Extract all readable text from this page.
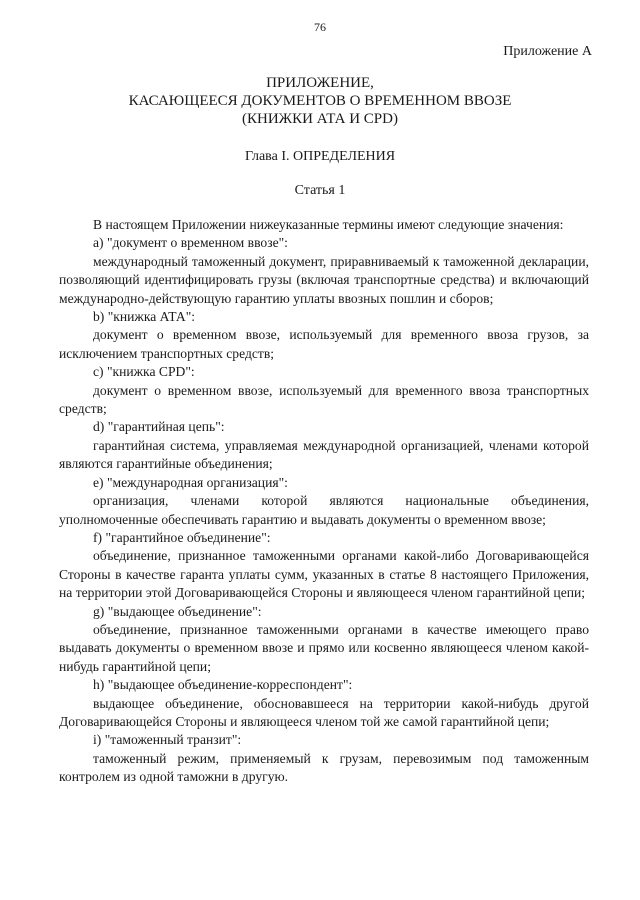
76
Приложение А
ПРИЛОЖЕНИЕ,
КАСАЮЩЕЕСЯ ДОКУМЕНТОВ О ВРЕМЕННОМ ВВОЗЕ
(КНИЖКИ АТА И CPD)
Глава I. ОПРЕДЕЛЕНИЯ
Статья 1

В настоящем Приложении нижеуказанные термины имеют следующие значения:

a) "документ о временном ввозе":

международный таможенный документ, приравниваемый к таможенной декларации, позволяющий идентифицировать грузы (включая транспортные средства) и включающий международно-действующую гарантию уплаты ввозных пошлин и сборов;

b) "книжка АТА":

документ о временном ввозе, используемый для временного ввоза грузов, за исключением транспортных средств;

c) "книжка CPD":

документ о временном ввозе, используемый для временного ввоза транспортных средств;

d) "гарантийная цепь":

гарантийная система, управляемая международной организацией, членами которой являются гарантийные объединения;

e) "международная организация":

организация, членами которой являются национальные объединения, уполномоченные обеспечивать гарантию и выдавать документы о временном ввозе;

f) "гарантийное объединение":

объединение, признанное таможенными органами какой-либо Договаривающейся Стороны в качестве гаранта уплаты сумм, указанных в статье 8 настоящего Приложения, на территории этой Договаривающейся Стороны и являющееся членом гарантийной цепи;

g) "выдающее объединение":

объединение, признанное таможенными органами в качестве имеющего право выдавать документы о временном ввозе и прямо или косвенно являющееся членом какой-нибудь гарантийной цепи;

h) "выдающее объединение-корреспондент":

выдающее объединение, обосновавшееся на территории какой-нибудь другой Договаривающейся Стороны и являющееся членом той же самой гарантийной цепи;

i) "таможенный транзит":

таможенный режим, применяемый к грузам, перевозимым под таможенным контролем из одной таможни в другую.
